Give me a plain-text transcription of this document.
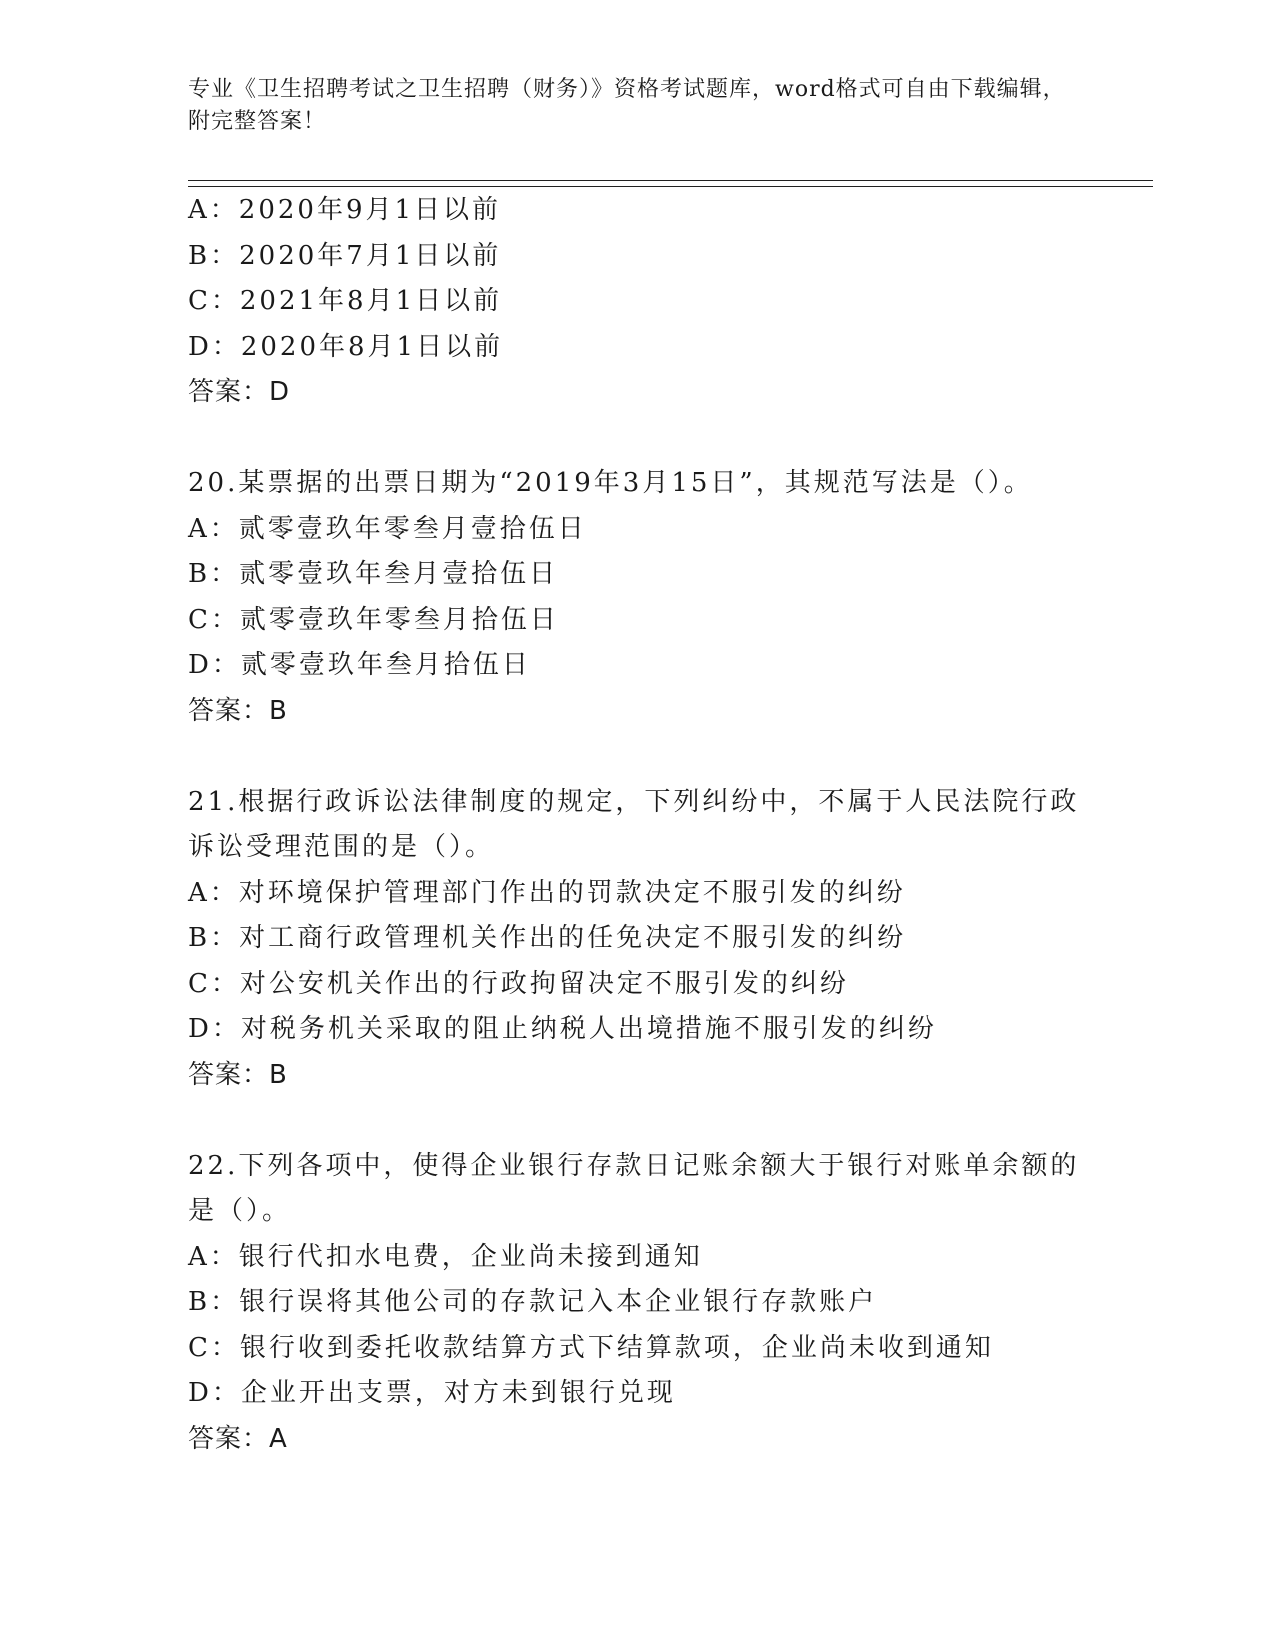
专业《卫生招聘考试之卫生招聘（财务）》资格考试题库，word格式可自由下载编辑，附完整答案！
A：2020年9月1日以前
B：2020年7月1日以前
C：2021年8月1日以前
D：2020年8月1日以前
答案：D
20.某票据的出票日期为“2019年3月15日”，其规范写法是（）。
A：贰零壹玖年零叁月壹拾伍日
B：贰零壹玖年叁月壹拾伍日
C：贰零壹玖年零叁月拾伍日
D：贰零壹玖年叁月拾伍日
答案：B
21.根据行政诉讼法律制度的规定，下列纠纷中，不属于人民法院行政
诉讼受理范围的是（）。
A：对环境保护管理部门作出的罚款决定不服引发的纠纷
B：对工商行政管理机关作出的任免决定不服引发的纠纷
C：对公安机关作出的行政拘留决定不服引发的纠纷
D：对税务机关采取的阻止纳税人出境措施不服引发的纠纷
答案：B
22.下列各项中，使得企业银行存款日记账余额大于银行对账单余额的
是（）。
A：银行代扣水电费，企业尚未接到通知
B：银行误将其他公司的存款记入本企业银行存款账户
C：银行收到委托收款结算方式下结算款项，企业尚未收到通知
D：企业开出支票，对方未到银行兑现
答案：A
